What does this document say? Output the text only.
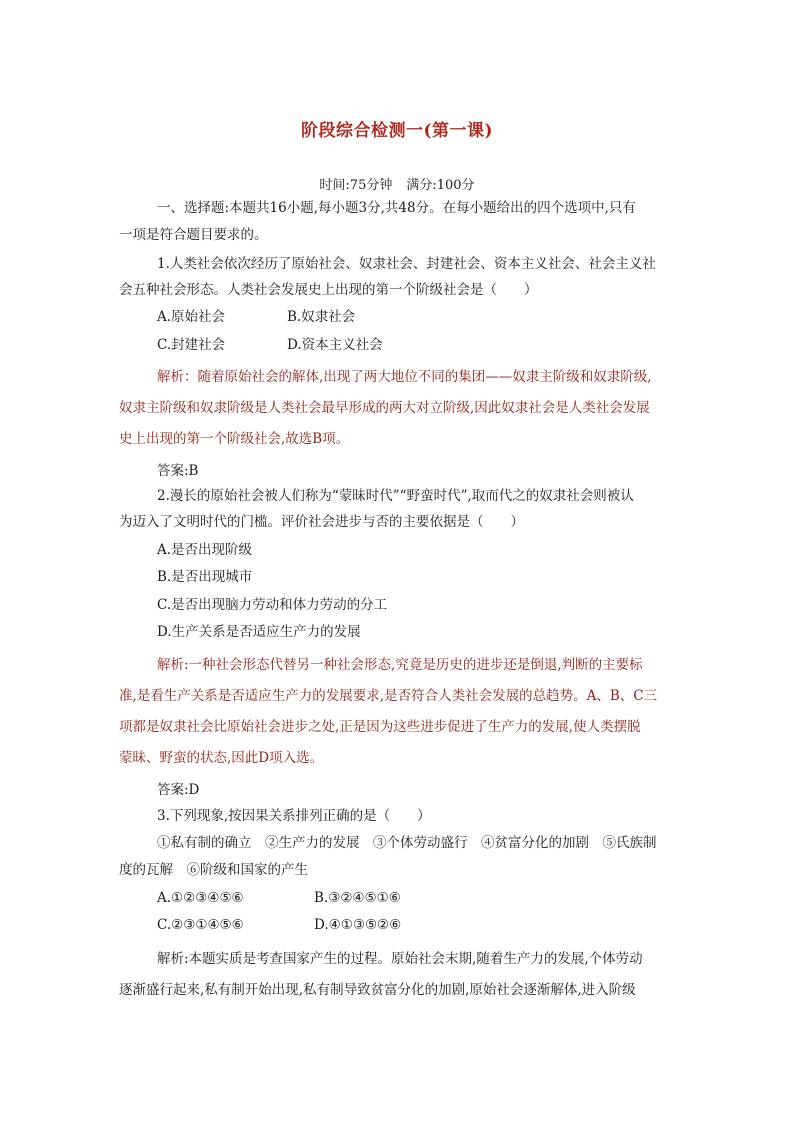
阶段综合检测一(第一课)
时间:75分钟 满分:100分
一、选择题:本题共16小题,每小题3分,共48分。在每小题给出的四个选项中,只有
一项是符合题目要求的。
1.人类社会依次经历了原始社会、奴隶社会、封建社会、资本主义社会、社会主义社
会五种社会形态。人类社会发展史上出现的第一个阶级社会是（　　）
A.原始社会	B.奴隶社会
C.封建社会	D.资本主义社会
解析：随着原始社会的解体,出现了两大地位不同的集团——奴隶主阶级和奴隶阶级,
奴隶主阶级和奴隶阶级是人类社会最早形成的两大对立阶级,因此奴隶社会是人类社会发展
史上出现的第一个阶级社会,故选B项。
答案:B
2.漫长的原始社会被人们称为“蒙昧时代”“野蛮时代”,取而代之的奴隶社会则被认
为迈入了文明时代的门槛。评价社会进步与否的主要依据是（　　）
A.是否出现阶级
B.是否出现城市
C.是否出现脑力劳动和体力劳动的分工
D.生产关系是否适应生产力的发展
解析:一种社会形态代替另一种社会形态,究竟是历史的进步还是倒退,判断的主要标
准,是看生产关系是否适应生产力的发展要求,是否符合人类社会发展的总趋势。A、B、C三
项都是奴隶社会比原始社会进步之处,正是因为这些进步促进了生产力的发展,使人类摆脱
蒙昧、野蛮的状态,因此D项入选。
答案:D
3.下列现象,按因果关系排列正确的是（　　）
①私有制的确立　②生产力的发展　③个体劳动盛行　④贫富分化的加剧　⑤氏族制
度的瓦解　⑥阶级和国家的产生
A.①②③④⑤⑥	B.③②④⑤①⑥
C.②③①④⑤⑥	D.④①③⑤②⑥
解析:本题实质是考查国家产生的过程。原始社会末期,随着生产力的发展,个体劳动
逐渐盛行起来,私有制开始出现,私有制导致贫富分化的加剧,原始社会逐渐解体,进入阶级
